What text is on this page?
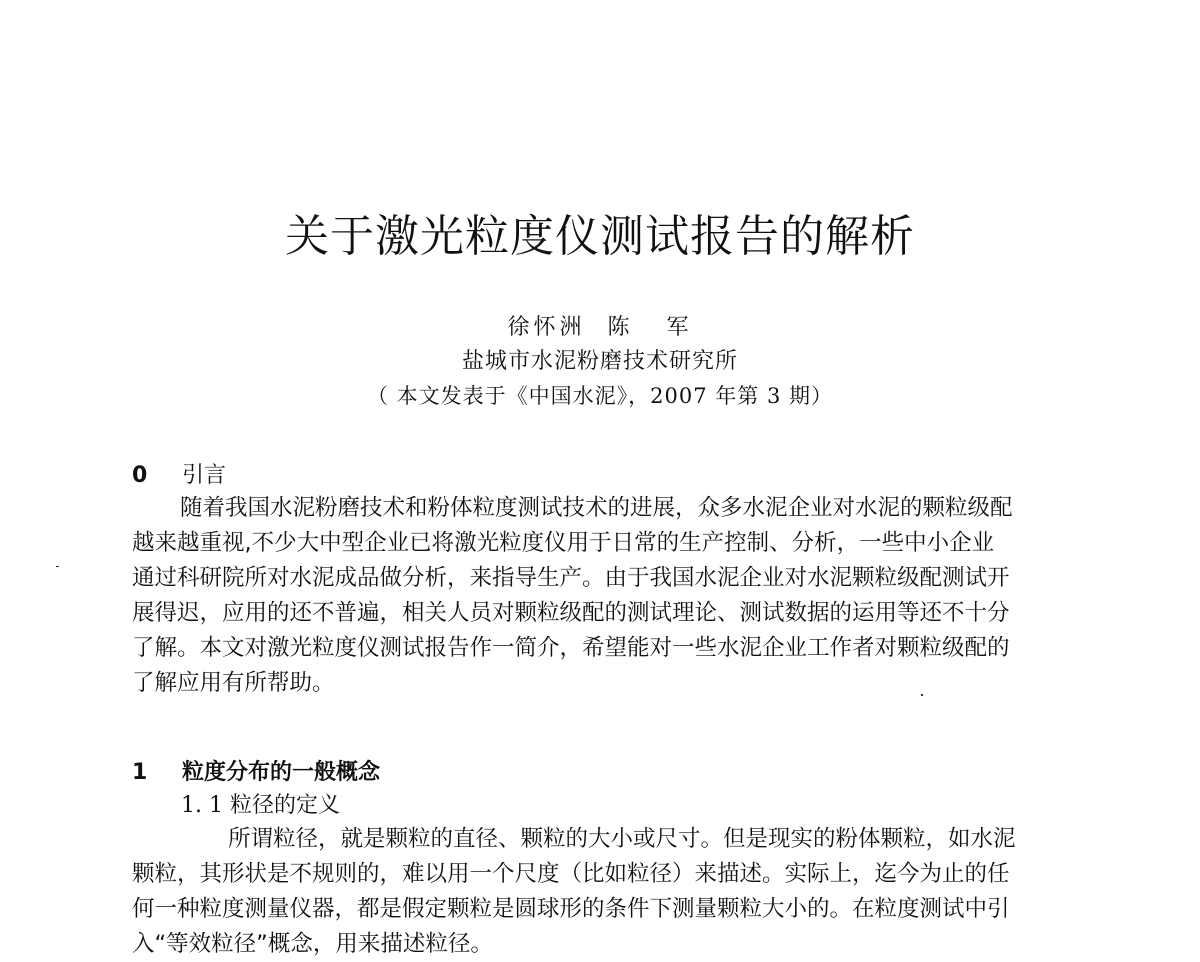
关于激光粒度仪测试报告的解析
徐怀洲  陈   军
盐城市水泥粉磨技术研究所
（ 本文发表于《中国水泥》，2007 年第 3 期）
0 引言
随着我国水泥粉磨技术和粉体粒度测试技术的进展，众多水泥企业对水泥的颗粒级配
越来越重视,不少大中型企业已将激光粒度仪用于日常的生产控制、分析，一些中小企业
通过科研院所对水泥成品做分析，来指导生产。由于我国水泥企业对水泥颗粒级配测试开
展得迟，应用的还不普遍，相关人员对颗粒级配的测试理论、测试数据的运用等还不十分
了解。本文对激光粒度仪测试报告作一简介，希望能对一些水泥企业工作者对颗粒级配的
了解应用有所帮助。
1 粒度分布的一般概念
1. 1 粒径的定义
所谓粒径，就是颗粒的直径、颗粒的大小或尺寸。但是现实的粉体颗粒，如水泥
颗粒，其形状是不规则的，难以用一个尺度（比如粒径）来描述。实际上，迄今为止的任
何一种粒度测量仪器，都是假定颗粒是圆球形的条件下测量颗粒大小的。在粒度测试中引
入“等效粒径”概念，用来描述粒径。
